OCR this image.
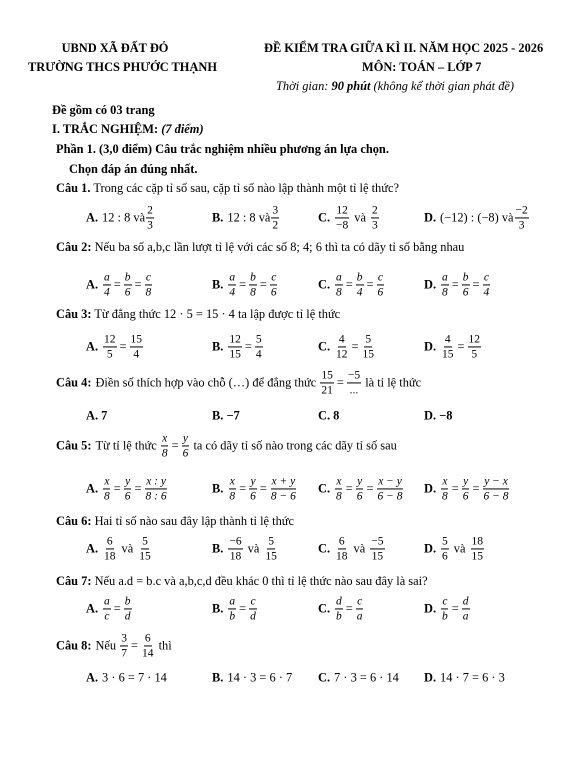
UBND XÃ ĐẤT ĐỎ
TRƯỜNG THCS PHƯỚC THẠNH
ĐỀ KIỂM TRA GIỮA KÌ II. NĂM HỌC 2025 - 2026
MÔN: TOÁN – LỚP 7
Thời gian: 90 phút (không kể thời gian phát đề)
Đề gồm có 03 trang
I. TRẮC NGHIỆM: (7 điểm)
Phần 1. (3,0 điểm) Câu trắc nghiệm nhiều phương án lựa chọn.
Chọn đáp án đúng nhất.
Câu 1. Trong các cặp tỉ số sau, cặp tỉ số nào lập thành một tỉ lệ thức?
A. 12 : 8 và
2
3
B. 12 : 8 và
3
2
C.
12
−8
và
2
3
D. (−12) : (−8) và
−2
3
Câu 2: Nếu ba số a,b,c lần lượt tỉ lệ với các số 8; 4; 6 thì ta có dãy tỉ số bằng nhau
A. $\frac{a}{4} = \frac{b}{6} = \frac{c}{8}$	B. $\frac{a}{4} = \frac{b}{8} = \frac{c}{6}$	C. $\frac{a}{8} = \frac{b}{4} = \frac{c}{6}$	D. $\frac{a}{8} = \frac{b}{6} = \frac{c}{4}$
Câu 3: Từ đẳng thức 12 · 5 = 15 · 4 ta lập được tỉ lệ thức
A. $\frac{12}{5} = \frac{15}{4}$	B. $\frac{12}{15} = \frac{5}{4}$	C. $\frac{4}{12} = \frac{5}{15}$	D. $\frac{4}{15} = \frac{12}{5}$
Câu 4: Điền số thích hợp vào chỗ (…) để đẳng thức
$\frac{15}{21}$ =
−5
...

là tỉ lệ thức
A. 7	B. −7	C. 8	D. −8
Câu 5: Từ tỉ lệ thức
$\frac{x}{8} = \frac{y}{6}$
ta có dãy tỉ số nào trong các dãy tỉ số sau
A. $\frac{x}{8} = \frac{y}{6} = \frac{x : y}{8 : 6}$	B. $\frac{x}{8} = \frac{y}{6} = \frac{x + y}{8 - 6} C$. $\frac{x}{8} = \frac{y}{6} = \frac{x - y}{6 - 8} D$. $\frac{x}{8} = \frac{y}{6} = \frac{y - x}{6 - 8}$
Câu 6: Hai tỉ số nào sau đây lập thành tỉ lệ thức
A. $\frac{6}{18}$ và $\frac{5}{15}$	B. $\frac{-6}{18}$ và $\frac{5}{15}$	C. $\frac{6}{18}$ và $\frac{-5}{15}$	D. $\frac{5}{6}$ và $\frac{18}{15}$
Câu 7: Nếu a.d = b.c và a,b,c,d đều khác 0 thì tỉ lệ thức nào sau đây là sai?
A. $\frac{a}{c} = \frac{b}{d}$	B. $\frac{a}{b} = \frac{c}{d}$	C. $\frac{d}{b} = \frac{c}{a}$	D. $\frac{c}{b} = \frac{d}{a}$
Câu 8: Nếu
$\frac{3}{7} = \frac{6}{14}$
thì
A. 3 · 6 = 7 · 14	B. 14 · 3 = 6 · 7 C. 7 · 3 = 6 · 14 D. 14 · 7 = 6 · 3
